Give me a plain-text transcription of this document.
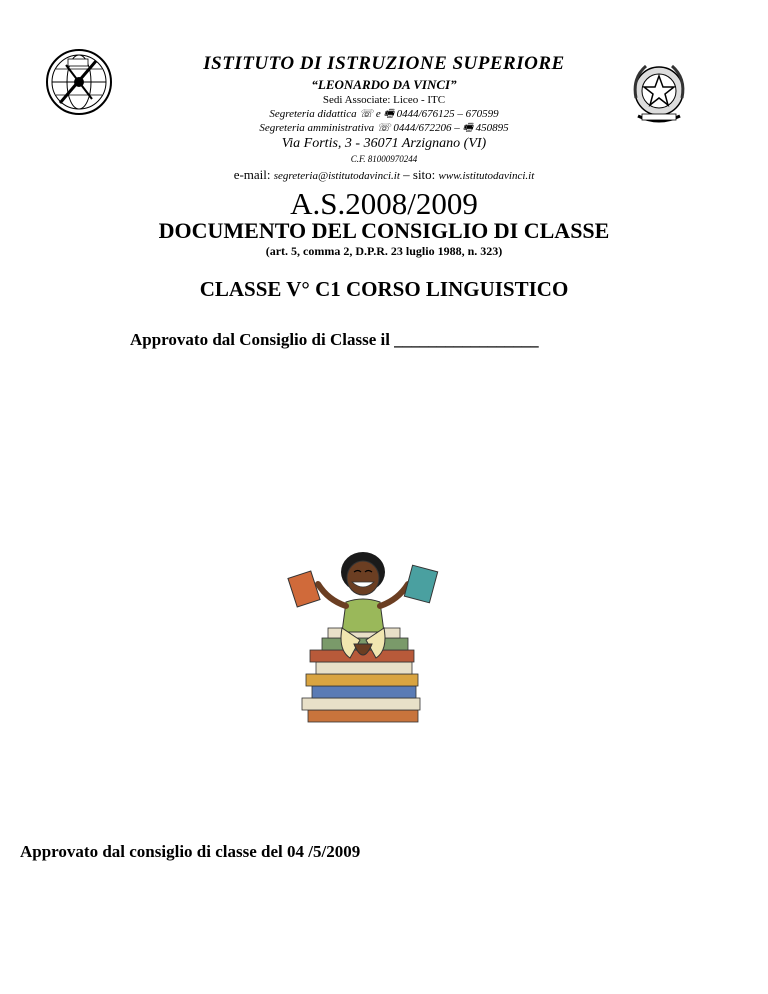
ISTITUTO DI ISTRUZIONE SUPERIORE
“LEONARDO DA VINCI”
Sedi Associate: Liceo - ITC
Segreteria didattica ☏ e 🖷 0444/676125 – 670599
Segreteria amministrativa ☏ 0444/672206 – 🖷 450895
Via Fortis, 3 - 36071 Arzignano (VI)
C.F. 81000970244
e-mail: segreteria@istitutodavinci.it – sito: www.istitutodavinci.it
A.S.2008/2009
DOCUMENTO DEL CONSIGLIO DI CLASSE
(art. 5, comma 2, D.P.R. 23 luglio 1988, n. 323)
CLASSE V° C1 CORSO LINGUISTICO
Approvato dal Consiglio di Classe il _________________
Approvato dal consiglio di classe del 04 /5/2009
